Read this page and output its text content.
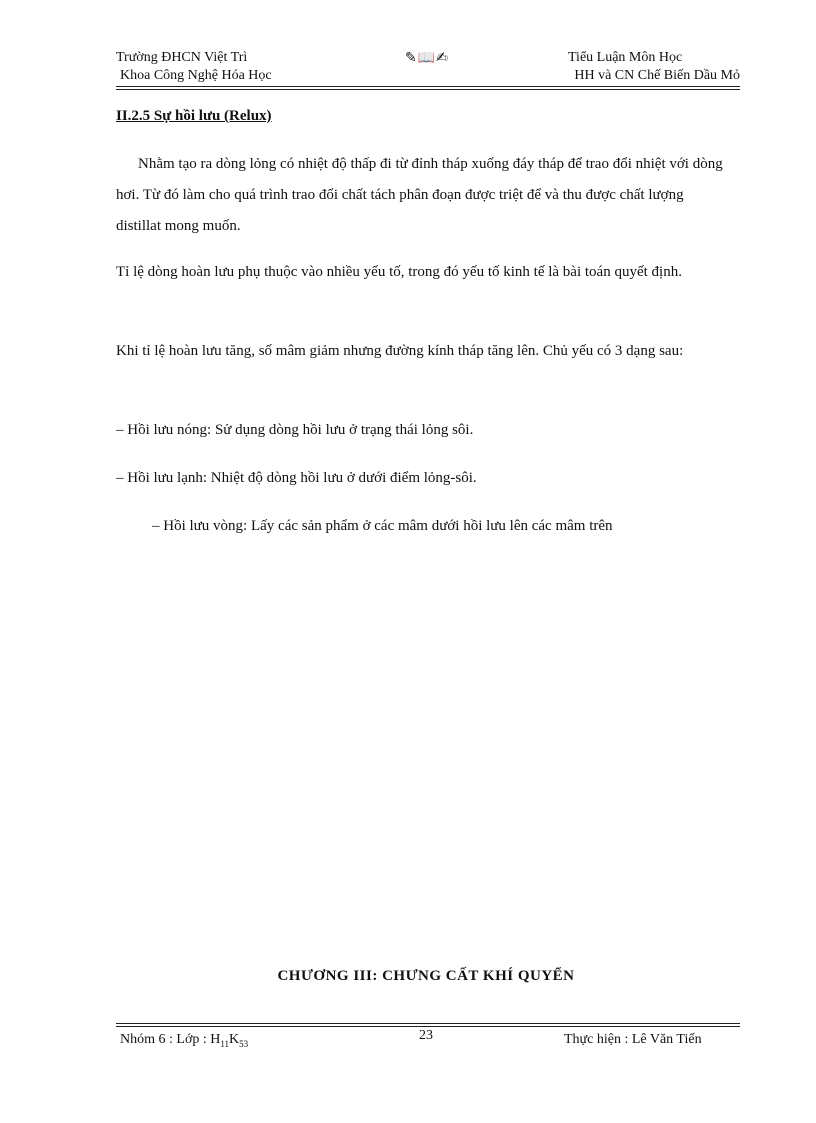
Trường ĐHCN Việt Trì
Khoa Công Nghệ Hóa Học
Tiểu Luận Môn Học
HH và CN Chế Biến Dầu Mỏ
✎📖✍
II.2.5 Sự hồi lưu (Relux)

Nhằm tạo ra dòng lỏng có nhiệt độ thấp đi từ đỉnh tháp xuống đáy tháp để trao đổi nhiệt với dòng hơi. Từ đó làm cho quá trình trao đổi chất tách phân đoạn được triệt để và thu được chất lượng distillat mong muốn.

Tỉ lệ dòng hoàn lưu phụ thuộc vào nhiều yếu tố, trong đó yếu tố kinh tế là bài toán quyết định.

Khi tỉ lệ hoàn lưu tăng, số mâm giảm nhưng đường kính tháp tăng lên. Chủ yếu có 3 dạng sau:

– Hồi lưu nóng: Sử dụng dòng hồi lưu ở trạng thái lỏng sôi.

– Hồi lưu lạnh: Nhiệt độ dòng hồi lưu ở dưới điểm lỏng-sôi.

– Hồi lưu vòng: Lấy các sản phẩm ở các mâm dưới hồi lưu lên các mâm trên

CHƯƠNG III: CHƯNG CẤT KHÍ QUYỂN
Nhóm 6 : Lớp : $H_{11}K_{53}$
23	Thực hiện : Lê Văn Tiến
